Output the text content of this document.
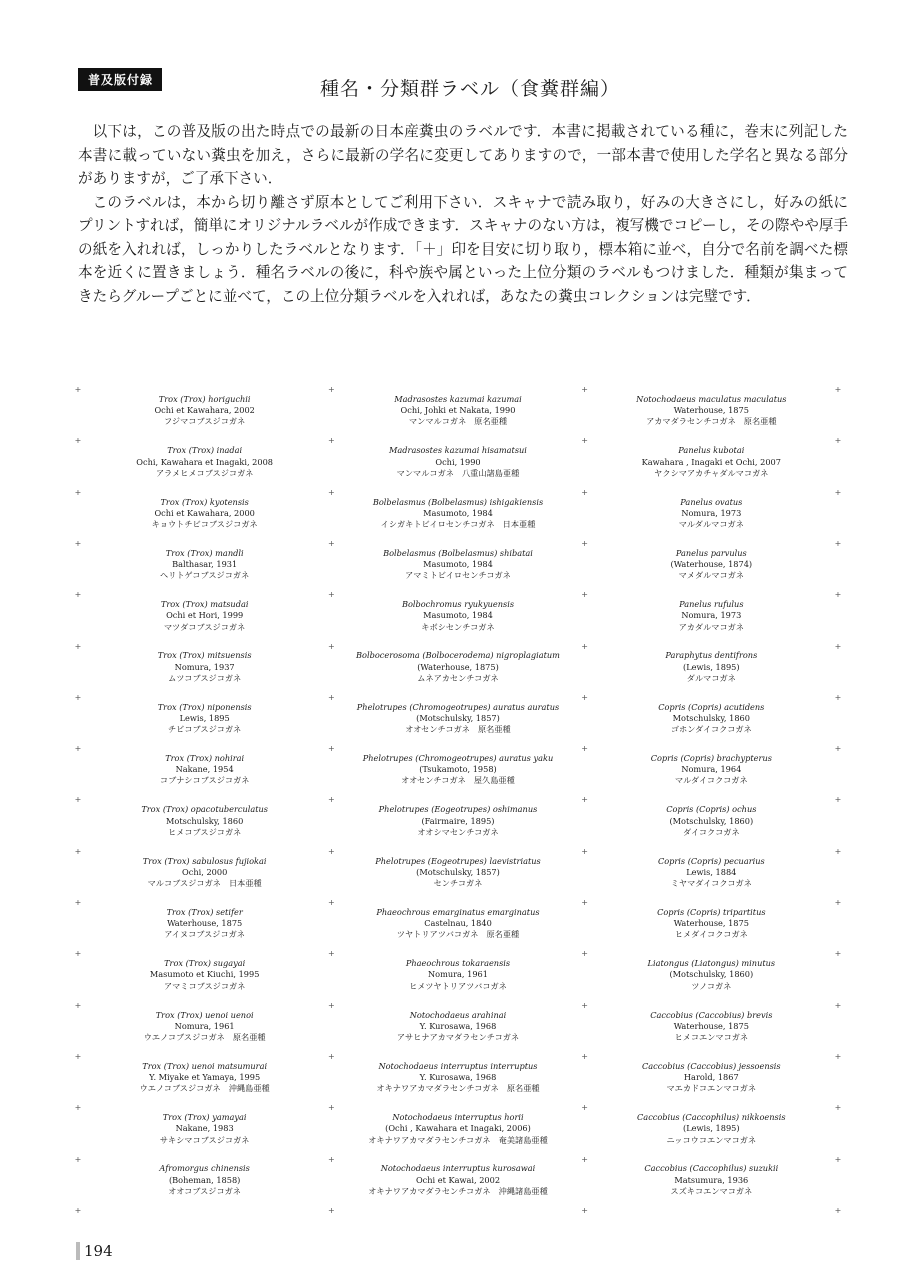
普及版付録	種名・分類群ラベル（食糞群編）

以下は，この普及版の出た時点での最新の日本産糞虫のラベルです．本書に掲載されている種に，巻末に列記した本書に載っていない糞虫を加え，さらに最新の学名に変更してありますので，一部本書で使用した学名と異なる部分がありますが，ご了承下さい．

このラベルは，本から切り離さず原本としてご利用下さい．スキャナで読み取り，好みの大きさにし，好みの紙にプリントすれば，簡単にオリジナルラベルが作成できます．スキャナのない方は，複写機でコピーし，その際やや厚手の紙を入れれば，しっかりしたラベルとなります．「＋」印を目安に切り取り，標本箱に並べ，自分で名前を調べた標本を近くに置きましょう．種名ラベルの後に，科や族や属といった上位分類のラベルもつけました．種類が集まってきたらグループごとに並べて，この上位分類ラベルを入れれば，あなたの糞虫コレクションは完璧です．

Trox (Trox) horiguchii
Ochi et Kawahara, 2002
フジマコブスジコガネ
Madrasostes kazumai kazumai
Ochi, Johki et Nakata, 1990
マンマルコガネ 原名亜種
Notochodaeus maculatus maculatus
Waterhouse, 1875
アカマダラセンチコガネ 原名亜種
Trox (Trox) inadai
Ochi, Kawahara et Inagaki, 2008
アラメヒメコブスジコガネ
Madrasostes kazumai hisamatsui
Ochi, 1990
マンマルコガネ 八重山諸島亜種
Panelus kubotai
Kawahara , Inagaki et Ochi, 2007
ヤクシマアカチャダルマコガネ
Trox (Trox) kyotensis
Ochi et Kawahara, 2000
キョウトチビコブスジコガネ
Bolbelasmus (Bolbelasmus) ishigakiensis
Masumoto, 1984
イシガキトビイロセンチコガネ 日本亜種
Panelus ovatus
Nomura, 1973
マルダルマコガネ
Trox (Trox) mandli
Balthasar, 1931
ヘリトゲコブスジコガネ
Bolbelasmus (Bolbelasmus) shibatai
Masumoto, 1984
アマミトビイロセンチコガネ
Panelus parvulus
(Waterhouse, 1874)
マメダルマコガネ
Trox (Trox) matsudai
Ochi et Hori, 1999
マツダコブスジコガネ
Bolbochromus ryukyuensis
Masumoto, 1984
キボシセンチコガネ
Panelus rufulus
Nomura, 1973
アカダルマコガネ
Trox (Trox) mitsuensis
Nomura, 1937
ムツコブスジコガネ
Bolbocerosoma (Bolbocerodema) nigroplagiatum
(Waterhouse, 1875)
ムネアカセンチコガネ
Paraphytus dentifrons
(Lewis, 1895)
ダルマコガネ
Trox (Trox) niponensis
Lewis, 1895
チビコブスジコガネ
Phelotrupes (Chromogeotrupes) auratus auratus
(Motschulsky, 1857)
オオセンチコガネ 原名亜種
Copris (Copris) acutidens
Motschulsky, 1860
ゴホンダイコクコガネ
Trox (Trox) nohirai
Nakane, 1954
コブナシコブスジコガネ
Phelotrupes (Chromogeotrupes) auratus yaku
(Tsukamoto, 1958)
オオセンチコガネ 屋久島亜種
Copris (Copris) brachypterus
Nomura, 1964
マルダイコクコガネ
Trox (Trox) opacotuberculatus
Motschulsky, 1860
ヒメコブスジコガネ
Phelotrupes (Eogeotrupes) oshimanus
(Fairmaire, 1895)
オオシマセンチコガネ
Copris (Copris) ochus
(Motschulsky, 1860)
ダイコクコガネ
Trox (Trox) sabulosus fujiokai
Ochi, 2000
マルコブスジコガネ 日本亜種
Phelotrupes (Eogeotrupes) laevistriatus
(Motschulsky, 1857)
センチコガネ
Copris (Copris) pecuarius
Lewis, 1884
ミヤマダイコクコガネ
Trox (Trox) setifer
Waterhouse, 1875
アイヌコブスジコガネ
Phaeochrous emarginatus emarginatus
Castelnau, 1840
ツヤトリアツバコガネ 原名亜種
Copris (Copris) tripartitus
Waterhouse, 1875
ヒメダイコクコガネ
Trox (Trox) sugayai
Masumoto et Kiuchi, 1995
アマミコブスジコガネ
Phaeochrous tokaraensis
Nomura, 1961
ヒメツヤトリアツバコガネ
Liatongus (Liatongus) minutus
(Motschulsky, 1860)
ツノコガネ
Trox (Trox) uenoi uenoi
Nomura, 1961
ウエノコブスジコガネ 原名亜種
Notochodaeus arahinai
Y. Kurosawa, 1968
アサヒナアカマダラセンチコガネ
Caccobius (Caccobius) brevis
Waterhouse, 1875
ヒメコエンマコガネ
Trox (Trox) uenoi matsumurai
Y. Miyake et Yamaya, 1995
ウエノコブスジコガネ 沖縄島亜種
Notochodaeus interruptus interruptus
Y. Kurosawa, 1968
オキナワアカマダラセンチコガネ 原名亜種
Caccobius (Caccobius) jessoensis
Harold, 1867
マエカドコエンマコガネ
Trox (Trox) yamayai
Nakane, 1983
サキシマコブスジコガネ
Notochodaeus interruptus horii
(Ochi , Kawahara et Inagaki, 2006)
オキナワアカマダラセンチコガネ 奄美諸島亜種
Caccobius (Caccophilus) nikkoensis
(Lewis, 1895)
ニッコウコエンマコガネ
Afromorgus chinensis
(Boheman, 1858)
オオコブスジコガネ
Notochodaeus interruptus kurosawai
Ochi et Kawai, 2002
オキナワアカマダラセンチコガネ 沖縄諸島亜種
Caccobius (Caccophilus) suzukii
Matsumura, 1936
スズキコエンマコガネ
194
+	+	+	+
+	+	+	+
+	+	+	+
+	+	+	+
+	+	+	+
+	+	+	+
+	+	+	+
+	+	+	+
+	+	+	+
+	+	+	+
+	+	+	+
+	+	+	+
+	+	+	+
+	+	+	+
+	+	+	+
+	+	+	+
+	+	+	+
